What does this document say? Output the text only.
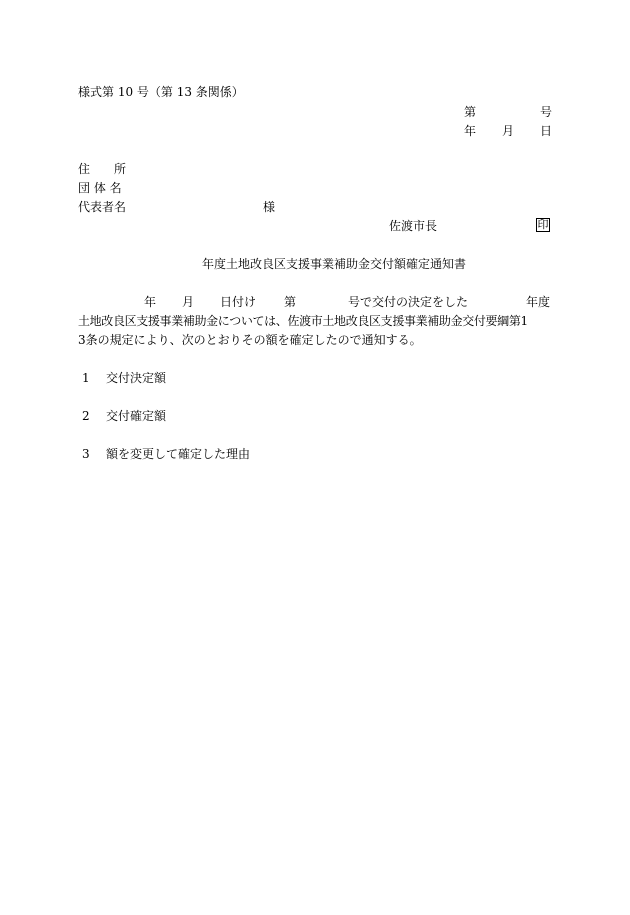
様式第 10 号（第 13 条関係）
第	号
年 月 日
住　　所
団 体 名
代表者名	様
佐渡市長	印
年度土地改良区支援事業補助金交付額確定通知書
年 月 日付け 第	号で交付の決定をした	年度
土地改良区支援事業補助金については、佐渡市土地改良区支援事業補助金交付要綱第1
3条の規定により、次のとおりその額を確定したので通知する。
1 交付決定額
2 交付確定額
3 額を変更して確定した理由
